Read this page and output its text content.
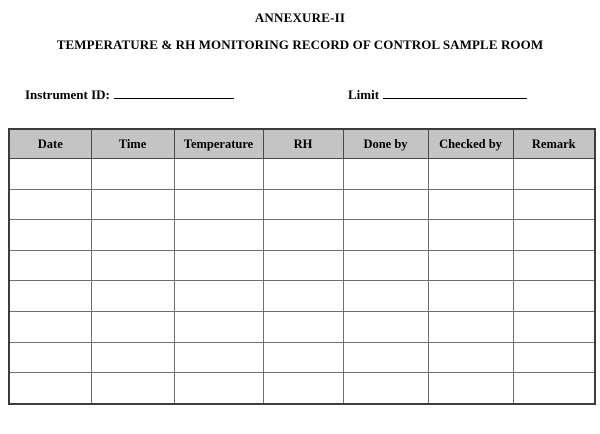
ANNEXURE-II
TEMPERATURE & RH MONITORING RECORD OF CONTROL SAMPLE ROOM
Instrument ID:	Limit
Date	Time	Temperature	RH	Done by	Checked by	Remark
